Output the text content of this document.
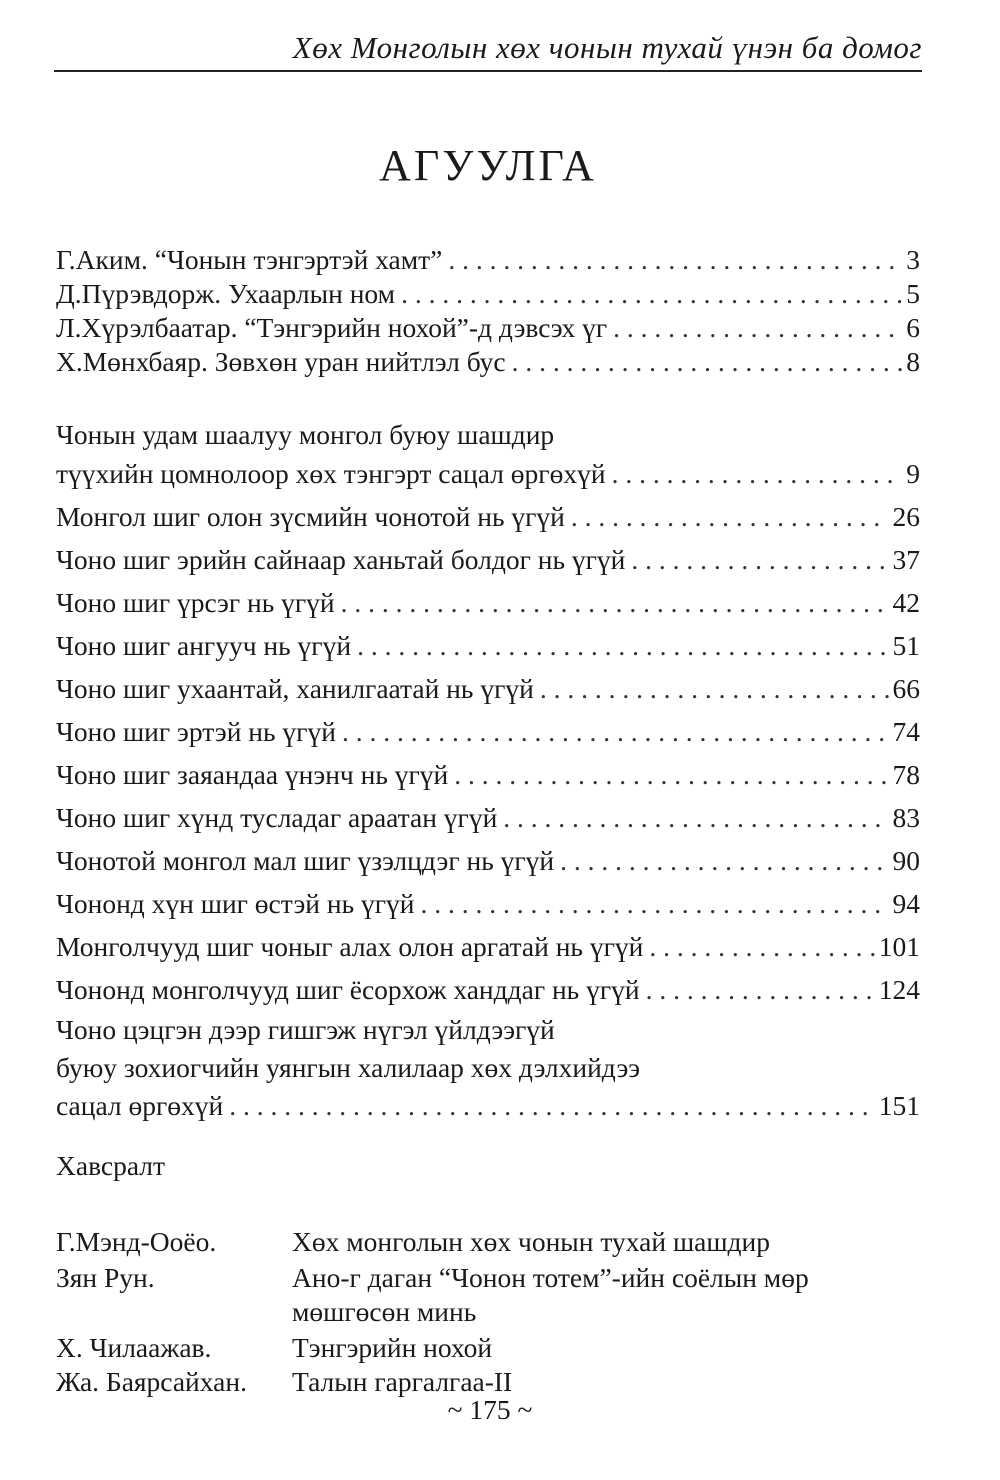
Хөх Монголын хөх чонын тухай үнэн ба домог
АГУУЛГА
Г.Аким. “Чонын тэнгэртэй хамт” . . .	3
Д.Пүрэвдорж. Ухаарлын ном . . .	5
Л.Хүрэлбаатар. “Тэнгэрийн нохой”-д дэвсэх үг . . .	6
Х.Мөнхбаяр. Зөвхөн уран нийтлэл бус . . .	8
Чонын удам шаалуу монгол буюу шашдир
түүхийн цомнолоор хөх тэнгэрт сацал өргөхүй . . .	9
Монгол шиг олон зүсмийн чонотой нь үгүй . . .	26
Чоно шиг эрийн сайнаар ханьтай болдог нь үгүй . . .	37
Чоно шиг үрсэг нь үгүй . . .	42
Чоно шиг ангууч нь үгүй . . .	51
Чоно шиг ухаантай, ханилгаатай нь үгүй . . .	66
Чоно шиг эртэй нь үгүй . . .	74
Чоно шиг заяандаа үнэнч нь үгүй . . .	78
Чоно шиг хүнд туслaдаг араатан үгүй . . .	83
Чонотой монгол мал шиг үзэлцдэг нь үгүй . . .	90
Чононд хүн шиг өстэй нь үгүй . . .	94
Монголчууд шиг чоныг алах олон аргатай нь үгүй . . .	101
Чононд монголчууд шиг ёсорхож ханддаг нь үгүй . . .	124
Чоно цэцгэн дээр гишгэж нүгэл үйлдээгүй
буюу зохиогчийн уянгын халилаар хөх дэлхийдээ
сацал өргөхүй . . .	151
Хавсралт
Г.Мэнд-Ооёо.	Хөх монголын хөх чонын тухай шашдир
Зян Рун.	Ано-г даган “Чонон тотем”-ийн соёлын мөр
мөшгөсөн минь
Х. Чилаажав.	Тэнгэрийн нохой
Жа. Баярсайхан. Талын гаргалгаа-II
~ 175 ~
